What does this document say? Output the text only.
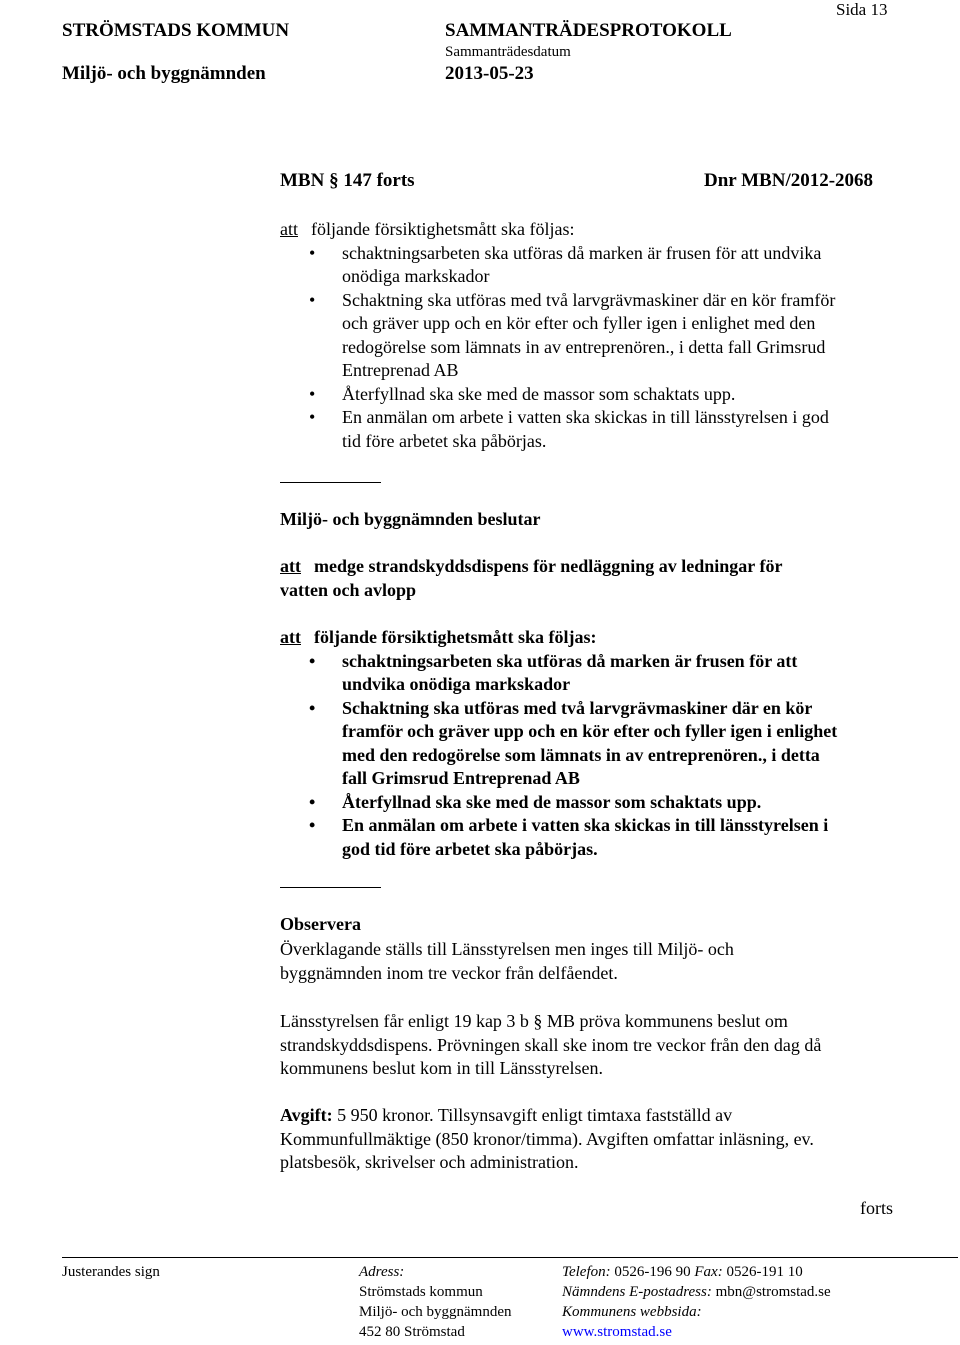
STRÖMSTADS KOMMUN	SAMMANTRÄDESPROTOKOLL
Sida 13
Sammanträdesdatum
Miljö- och byggnämnden	2013-05-23
MBN § 147 forts	Dnr MBN/2012-2068
att följande försiktighetsmått ska följas:
• schaktningsarbeten ska utföras då marken är frusen för att undvika
onödiga markskador
• Schaktning ska utföras med två larvgrävmaskiner där en kör framför
och gräver upp och en kör efter och fyller igen i enlighet med den
redogörelse som lämnats in av entreprenören., i detta fall Grimsrud
Entreprenad AB
• Återfyllnad ska ske med de massor som schaktats upp.
• En anmälan om arbete i vatten ska skickas in till länsstyrelsen i god
tid före arbetet ska påbörjas.
Miljö- och byggnämnden beslutar
att medge strandskyddsdispens för nedläggning av ledningar för
vatten och avlopp
att följande försiktighetsmått ska följas:
• schaktningsarbeten ska utföras då marken är frusen för att
undvika onödiga markskador
• Schaktning ska utföras med två larvgrävmaskiner där en kör
framför och gräver upp och en kör efter och fyller igen i enlighet
med den redogörelse som lämnats in av entreprenören., i detta
fall Grimsrud Entreprenad AB
• Återfyllnad ska ske med de massor som schaktats upp.
• En anmälan om arbete i vatten ska skickas in till länsstyrelsen i
god tid före arbetet ska påbörjas.
Observera
Överklagande ställs till Länsstyrelsen men inges till Miljö- och
byggnämnden inom tre veckor från delfåendet.
Länsstyrelsen får enligt 19 kap 3 b § MB pröva kommunens beslut om
strandskyddsdispens. Prövningen skall ske inom tre veckor från den dag då
kommunens beslut kom in till Länsstyrelsen.
Avgift: 5 950 kronor. Tillsynsavgift enligt timtaxa fastställd av
Kommunfullmäktige (850 kronor/timma). Avgiften omfattar inläsning, ev.
platsbesök, skrivelser och administration.
forts
Justerandes sign	Adress:
Strömstads kommun
Miljö- och byggnämnden
452 80 Strömstad
Telefon: 0526-196 90 Fax: 0526-191 10
Nämndens E-postadress: mbn@stromstad.se
Kommunens webbsida:
www.stromstad.se
